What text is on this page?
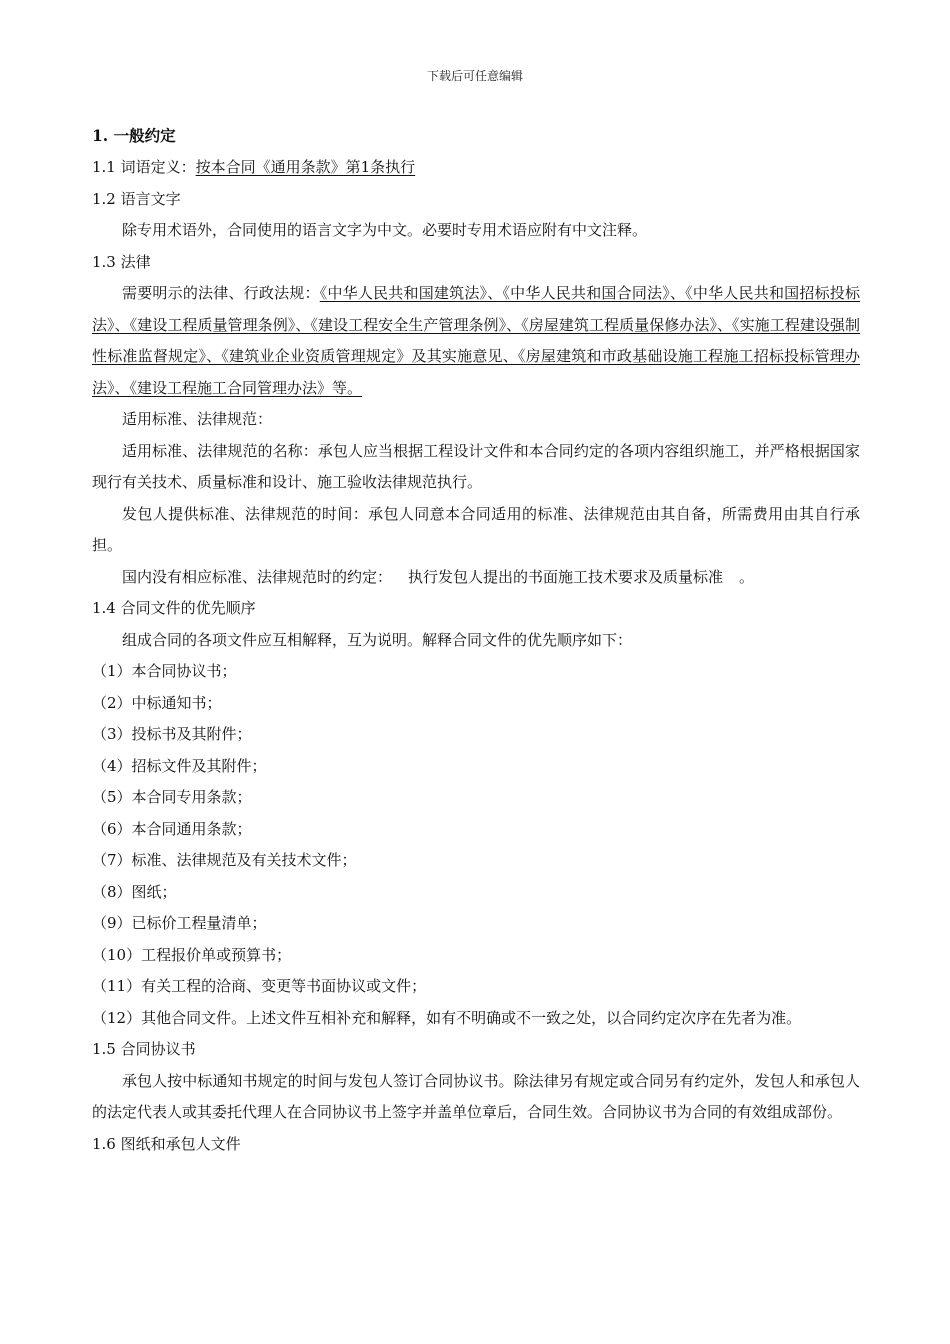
下载后可任意编辑
1. 一般约定
1.1 词语定义：按本合同《通用条款》第1条执行
1.2 语言文字
除专用术语外，合同使用的语言文字为中文。必要时专用术语应附有中文注释。
1.3 法律
需要明示的法律、行政法规：《中华人民共和国建筑法》、《中华人民共和国合同法》、《中华人民共和国招标投标法》、《建设工程质量管理条例》、《建设工程安全生产管理条例》、《房屋建筑工程质量保修办法》、《实施工程建设强制性标准监督规定》、《建筑业企业资质管理规定》及其实施意见、《房屋建筑和市政基础设施工程施工招标投标管理办法》、《建设工程施工合同管理办法》等。
适用标准、法律规范：
适用标准、法律规范的名称：承包人应当根据工程设计文件和本合同约定的各项内容组织施工，并严格根据国家现行有关技术、质量标准和设计、施工验收法律规范执行。
发包人提供标准、法律规范的时间：承包人同意本合同适用的标准、法律规范由其自备，所需费用由其自行承担。
国内没有相应标准、法律规范时的约定： 执行发包人提出的书面施工技术要求及质量标准 。
1.4 合同文件的优先顺序
组成合同的各项文件应互相解释，互为说明。解释合同文件的优先顺序如下：
（1）本合同协议书；
（2）中标通知书；
（3）投标书及其附件；
（4）招标文件及其附件；
（5）本合同专用条款；
（6）本合同通用条款；
（7）标准、法律规范及有关技术文件；
（8）图纸；
（9）已标价工程量清单；
（10）工程报价单或预算书；
（11）有关工程的洽商、变更等书面协议或文件；
（12）其他合同文件。上述文件互相补充和解释，如有不明确或不一致之处，以合同约定次序在先者为准。
1.5 合同协议书
承包人按中标通知书规定的时间与发包人签订合同协议书。除法律另有规定或合同另有约定外，发包人和承包人的法定代表人或其委托代理人在合同协议书上签字并盖单位章后，合同生效。合同协议书为合同的有效组成部份。
1.6 图纸和承包人文件
